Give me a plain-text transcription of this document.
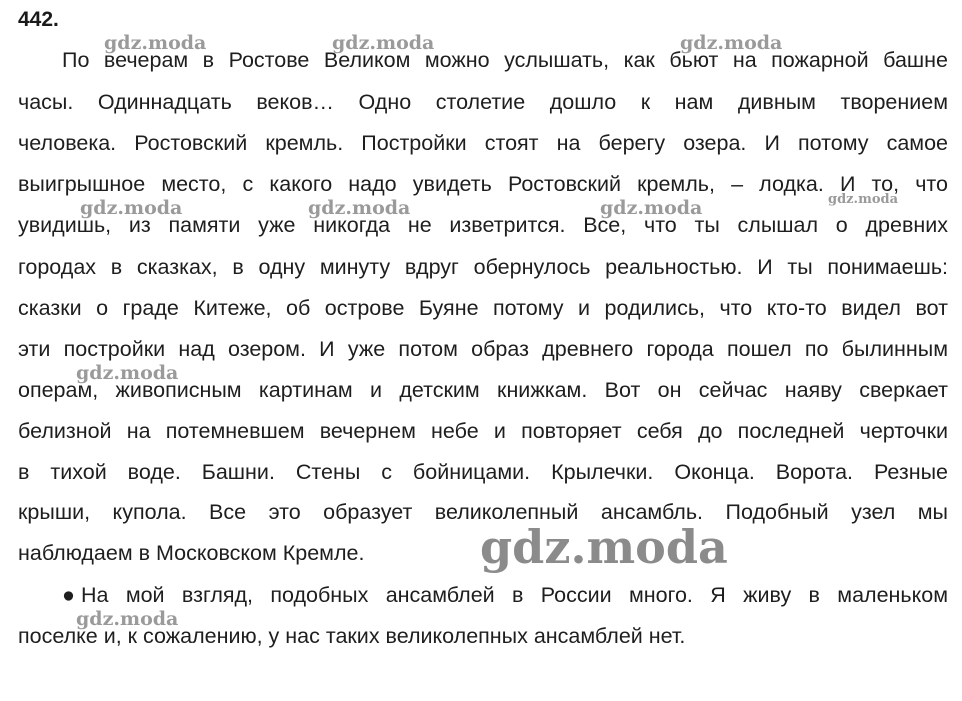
442.
По вечерам в Ростове Великом можно услышать, как бьют на пожарной башне
часы. Одиннадцать веков… Одно столетие дошло к нам дивным творением
человека. Ростовский кремль. Постройки стоят на берегу озера. И потому самое
выигрышное место, с какого надо увидеть Ростовский кремль, – лодка. И то, что
увидишь, из памяти уже никогда не изветрится. Все, что ты слышал о древних
городах в сказках, в одну минуту вдруг обернулось реальностью. И ты понимаешь:
сказки о граде Китеже, об острове Буяне потому и родились, что кто-то видел вот
эти постройки над озером. И уже потом образ древнего города пошел по былинным
операм, живописным картинам и детским книжкам. Вот он сейчас наяву сверкает
белизной на потемневшем вечернем небе и повторяет себя до последней черточки
в тихой воде. Башни. Стены с бойницами. Крылечки. Оконца. Ворота. Резные
крыши, купола. Все это образует великолепный ансамбль. Подобный узел мы
наблюдаем в Московском Кремле.
● На мой взгляд, подобных ансамблей в России много. Я живу в маленьком
поселке и, к сожалению, у нас таких великолепных ансамблей нет.
gdz.moda	gdz.moda	gdz.moda
gdz.moda	gdz.moda	gdz.moda	gdz.moda
gdz.moda
gdz.moda
gdz.moda
